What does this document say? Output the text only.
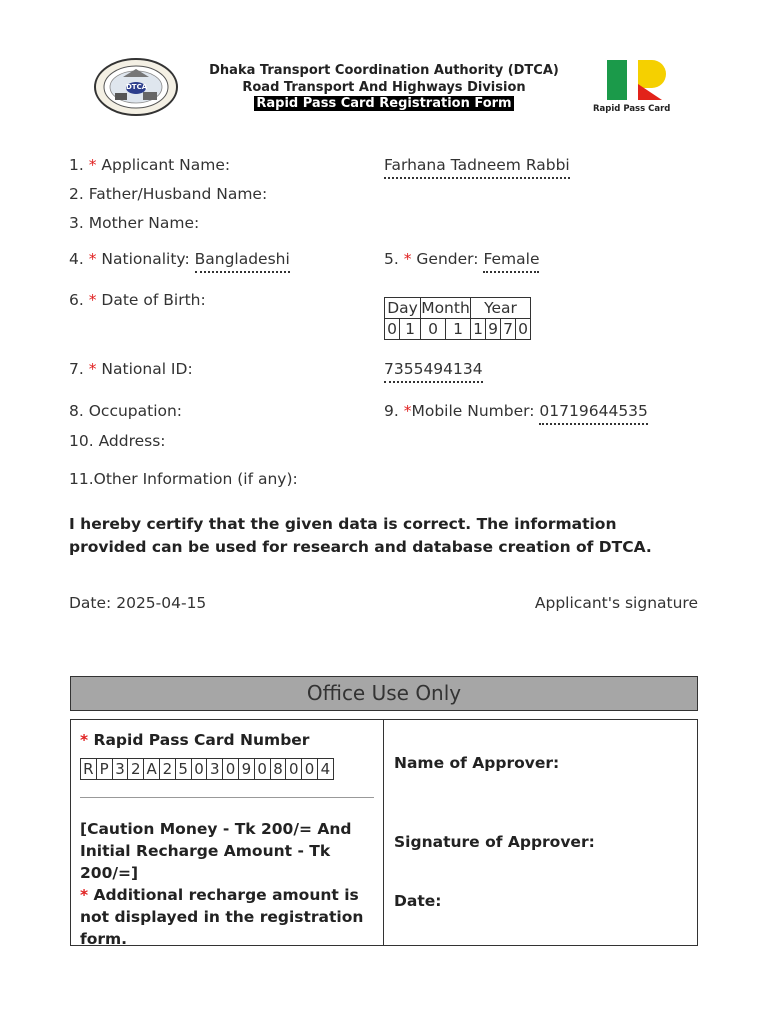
DTCA
Dhaka Transport Coordination Authority (DTCA)
Road Transport And Highways Division
Rapid Pass Card Registration Form	Rapid Pass Card
1. * Applicant Name:	Farhana Tadneem Rabbi
2. Father/Husband Name:
3. Mother Name:
4. * Nationality: Bangladeshi	5. * Gender: Female
6. * Date of Birth:	Day		Month		Year			
0	1	0	1	1	9	7	0
7. * National ID:	7355494134
8. Occupation:	9. *Mobile Number: 01719644535
10. Address:
11.Other Information (if any):
I hereby certify that the given data is correct. The information provided can be used for research and database creation of DTCA.
Date: 2025-04-15	Applicant's signature
Office Use Only
* Rapid Pass Card Number
R P 3 2 A 2 5 0 3 0 9 0 8 0 0 4
[Caution Money - Tk 200/= And Initial Recharge Amount - Tk 200/=]
* Additional recharge amount is not displayed in the registration form.
Name of Approver:
Signature of Approver:
Date:
